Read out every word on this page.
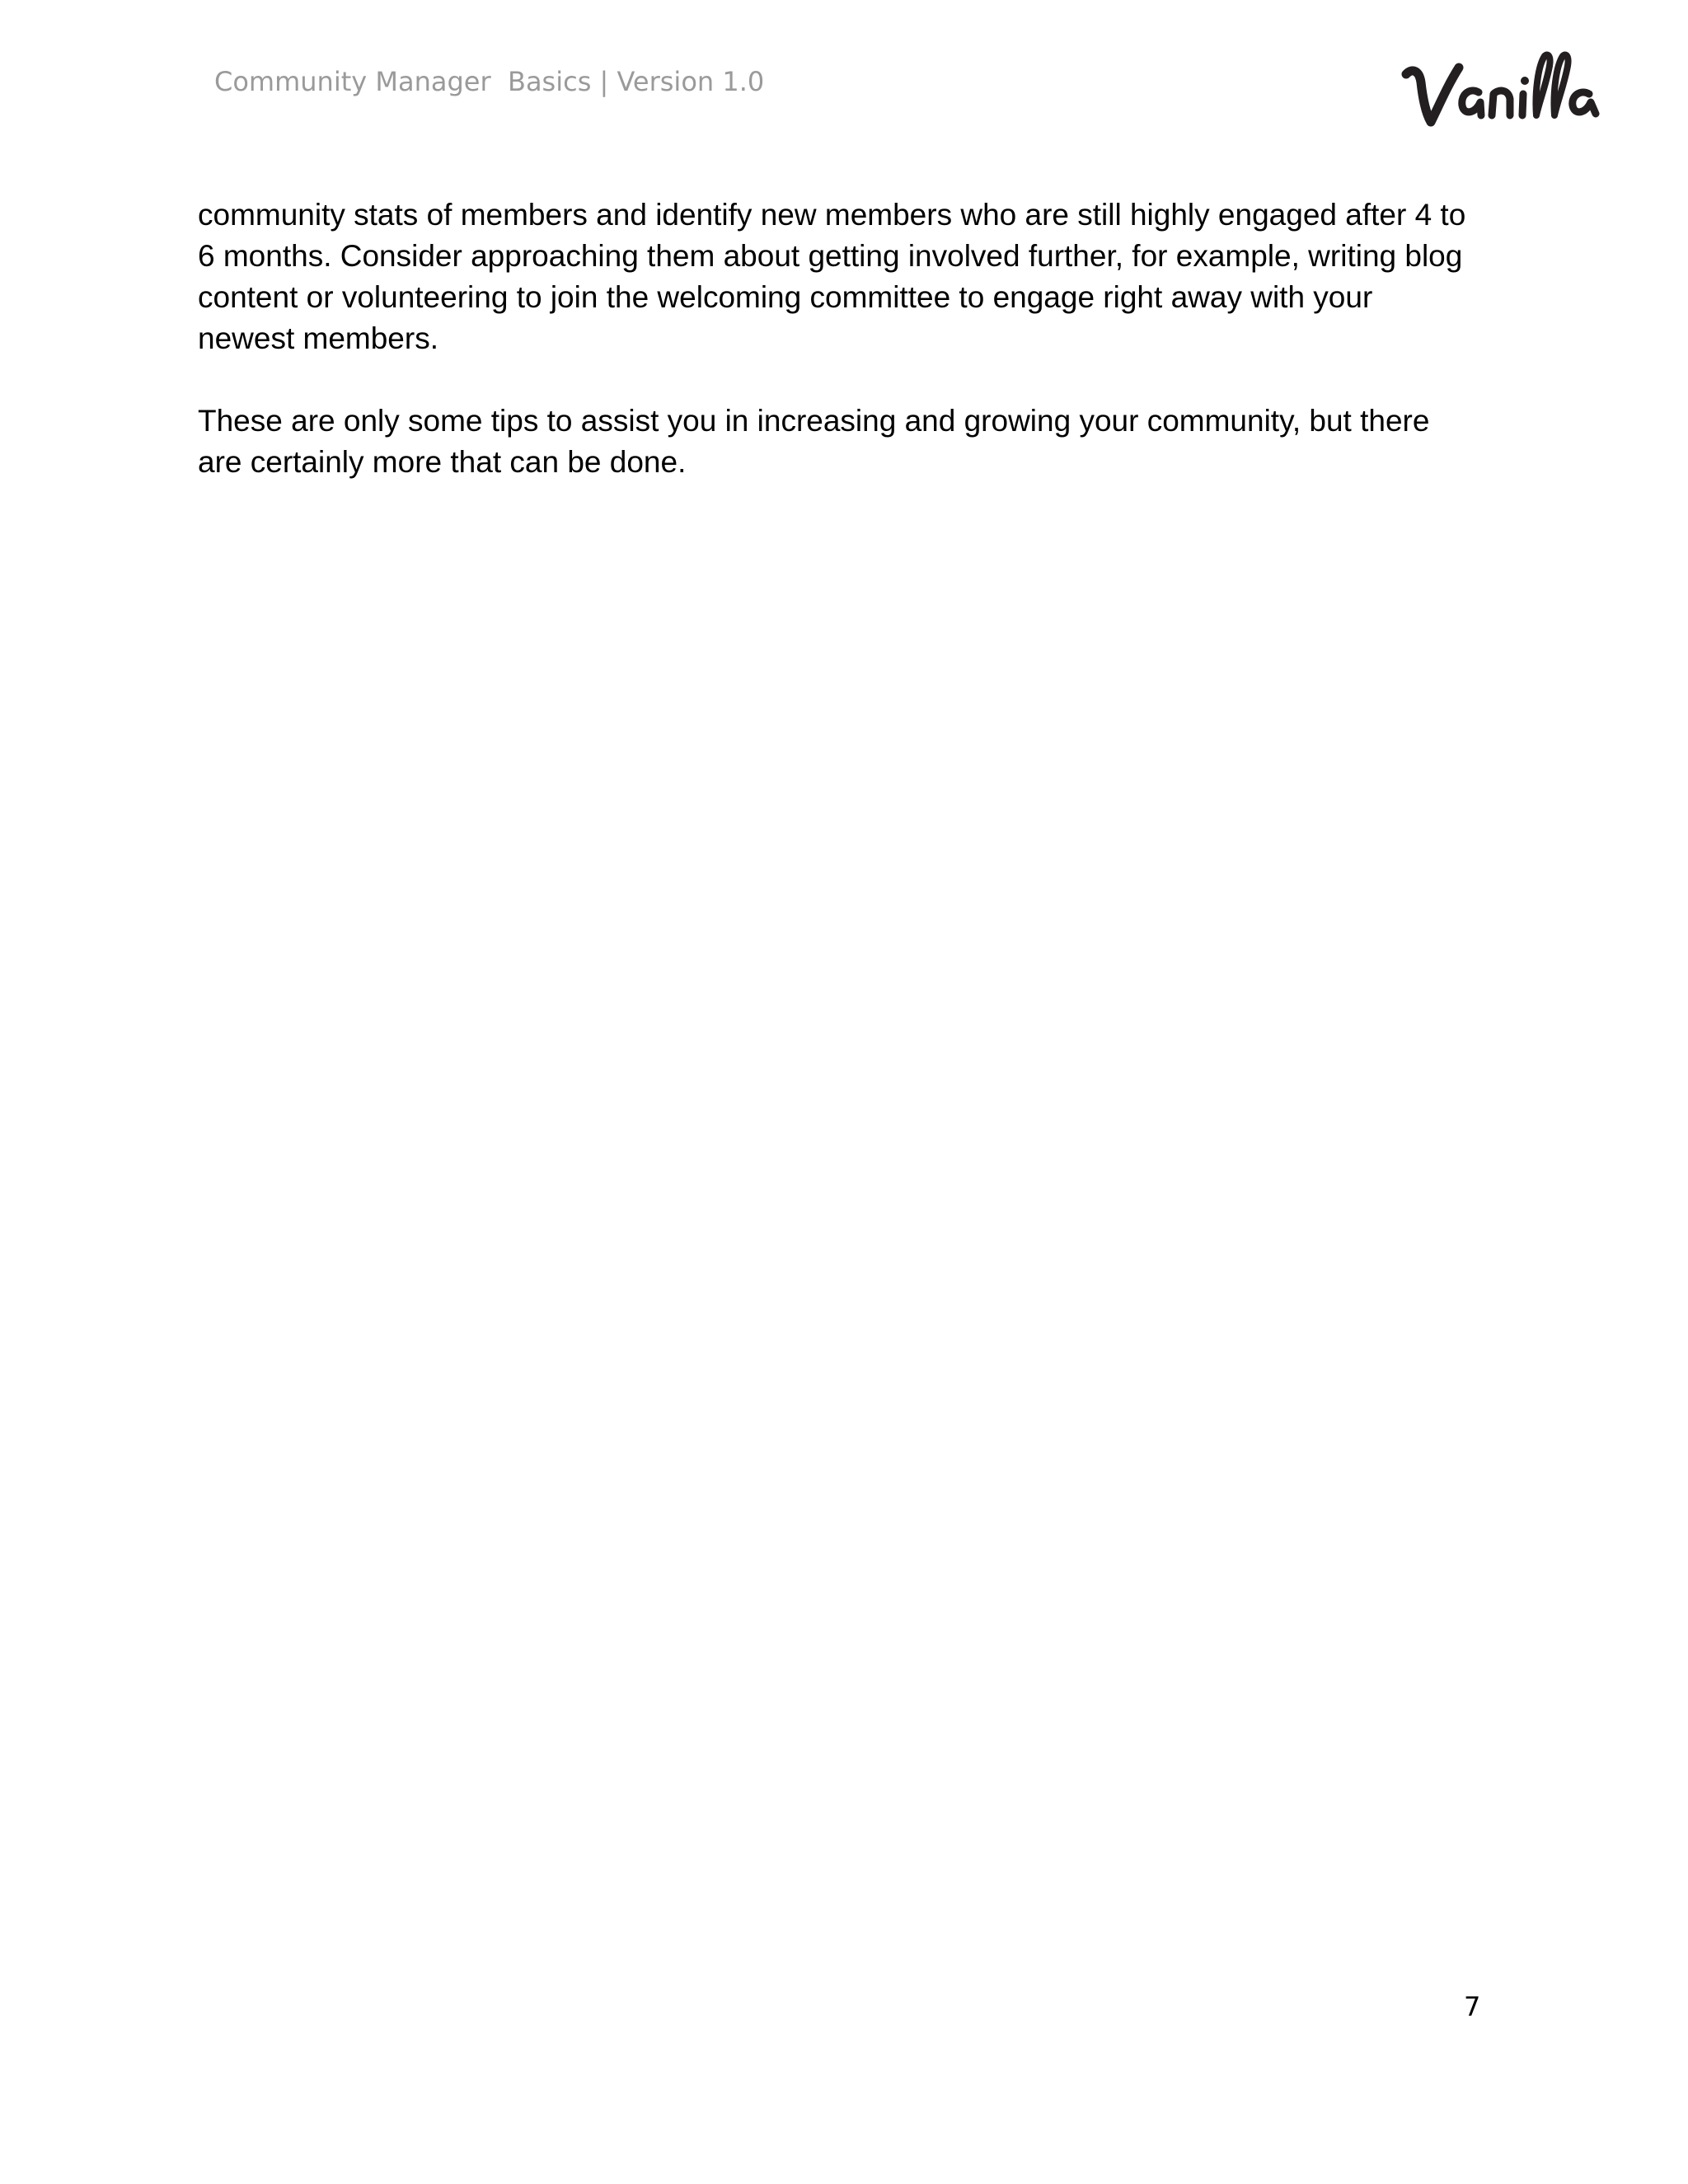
Community Manager  Basics | Version 1.0

community stats of members and identify new members who are still highly engaged after 4 to
6 months. Consider approaching them about getting involved further, for example, writing blog
content or volunteering to join the welcoming committee to engage right away with your
newest members.

These are only some tips to assist you in increasing and growing your community, but there
are certainly more that can be done.

7
